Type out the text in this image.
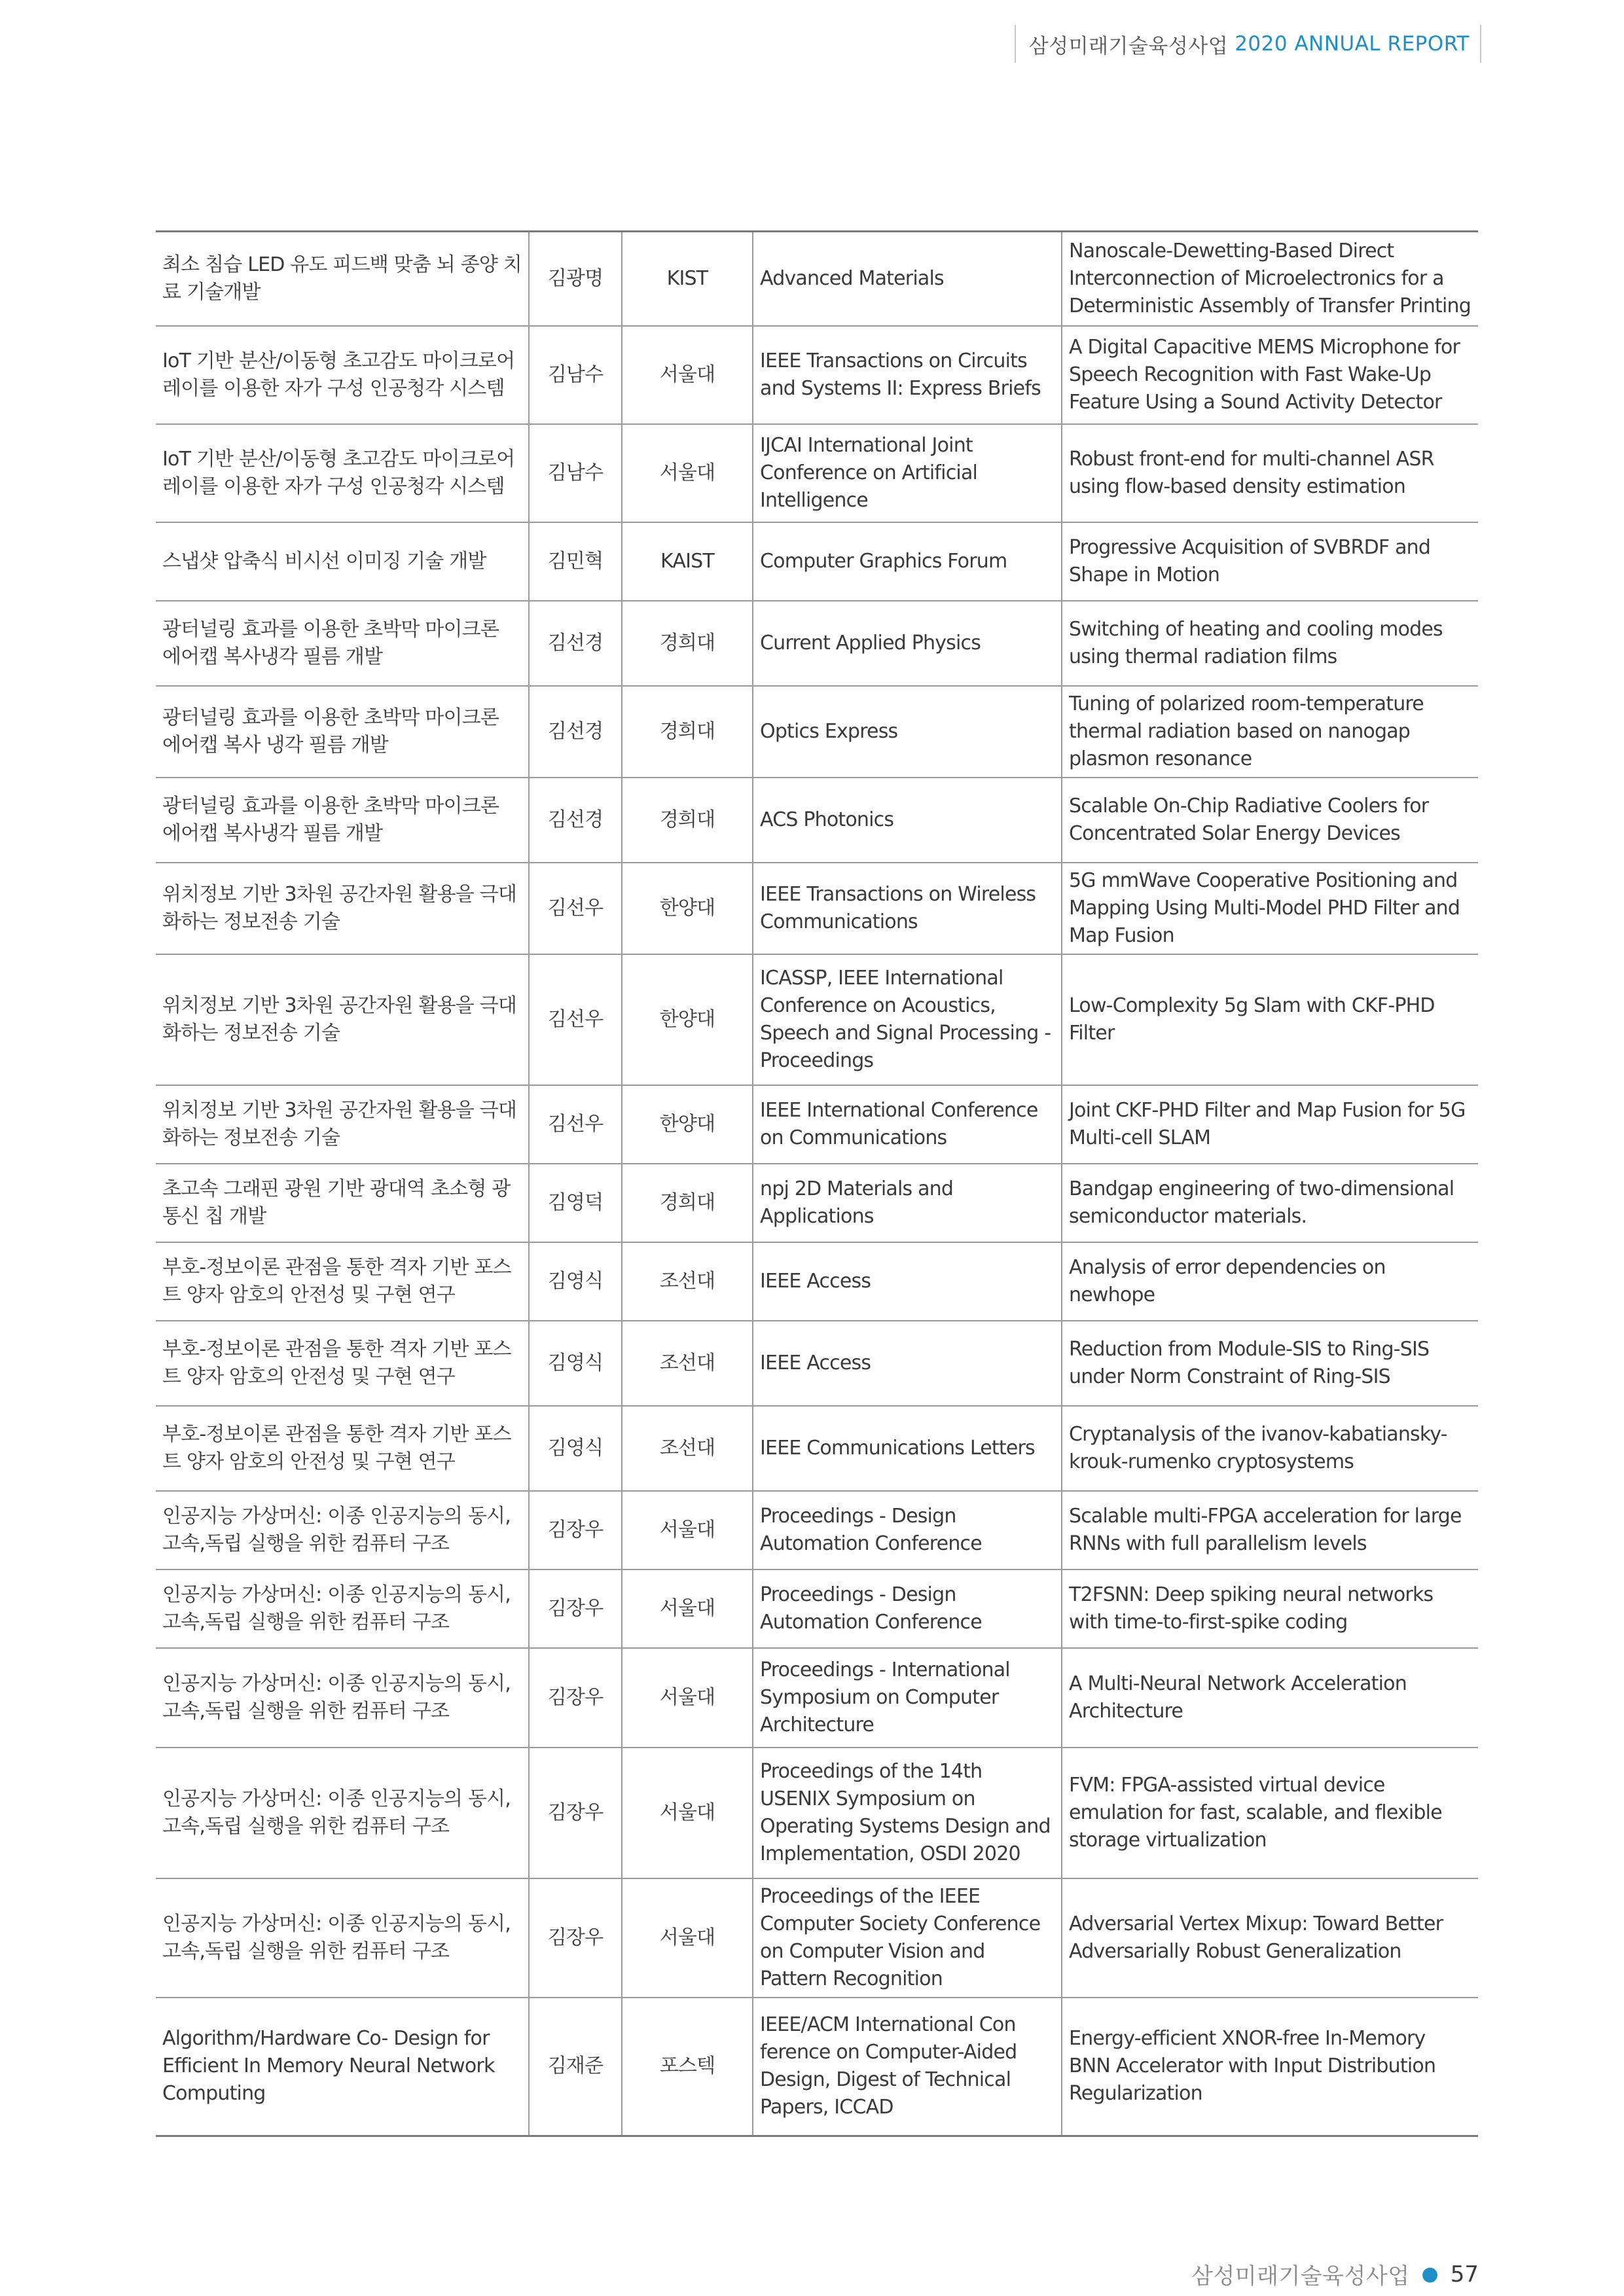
삼성미래기술육성사업 2020 ANNUAL REPORT
최소 침습 LED 유도 피드백 맞춤 뇌 종양 치료 기술개발	김광명	KIST	Advanced Materials	Nanoscale-Dewetting-Based Direct Interconnection of Microelectronics for a Deterministic Assembly of Transfer Printing
IoT 기반 분산/이동형 초고감도 마이크로어레이를 이용한 자가 구성 인공청각 시스템	김남수	서울대	IEEE Transactions on Circuits and Systems II: Express Briefs	A Digital Capacitive MEMS Microphone for Speech Recognition with Fast Wake-Up Feature Using a Sound Activity Detector
IoT 기반 분산/이동형 초고감도 마이크로어레이를 이용한 자가 구성 인공청각 시스템	김남수	서울대	IJCAI International Joint Conference on Artificial Intelligence	Robust front-end for multi-channel ASR using flow-based density estimation
스냅샷 압축식 비시선 이미징 기술 개발	김민혁	KAIST	Computer Graphics Forum	Progressive Acquisition of SVBRDF and Shape in Motion
광터널링 효과를 이용한 초박막 마이크론 에어캡 복사냉각 필름 개발	김선경	경희대	Current Applied Physics	Switching of heating and cooling modes using thermal radiation films
광터널링 효과를 이용한 초박막 마이크론 에어캡 복사 냉각 필름 개발	김선경	경희대	Optics Express	Tuning of polarized room-temperature thermal radiation based on nanogap plasmon resonance
광터널링 효과를 이용한 초박막 마이크론 에어캡 복사냉각 필름 개발	김선경	경희대	ACS Photonics	Scalable On-Chip Radiative Coolers for Concentrated Solar Energy Devices
위치정보 기반 3차원 공간자원 활용을 극대화하는 정보전송 기술	김선우	한양대	IEEE Transactions on Wireless Communications	5G mmWave Cooperative Positioning and Mapping Using Multi-Model PHD Filter and Map Fusion
위치정보 기반 3차원 공간자원 활용을 극대화하는 정보전송 기술	김선우	한양대	ICASSP, IEEE International Conference on Acoustics, Speech and Signal Processing - Proceedings	Low-Complexity 5g Slam with CKF-PHD Filter
위치정보 기반 3차원 공간자원 활용을 극대화하는 정보전송 기술	김선우	한양대	IEEE International Conference on Communications	Joint CKF-PHD Filter and Map Fusion for 5G Multi-cell SLAM
초고속 그래핀 광원 기반 광대역 초소형 광통신 칩 개발	김영덕	경희대	npj 2D Materials and Applications	Bandgap engineering of two-dimensional semiconductor materials.
부호-정보이론 관점을 통한 격자 기반 포스트 양자 암호의 안전성 및 구현 연구	김영식	조선대	IEEE Access	Analysis of error dependencies on newhope
부호-정보이론 관점을 통한 격자 기반 포스트 양자 암호의 안전성 및 구현 연구	김영식	조선대	IEEE Access	Reduction from Module-SIS to Ring-SIS under Norm Constraint of Ring-SIS
부호-정보이론 관점을 통한 격자 기반 포스트 양자 암호의 안전성 및 구현 연구	김영식	조선대	IEEE Communications Letters	Cryptanalysis of the ivanov-kabatiansky-krouk-rumenko cryptosystems
인공지능 가상머신: 이종 인공지능의 동시,고속,독립 실행을 위한 컴퓨터 구조	김장우	서울대	Proceedings - Design Automation Conference	Scalable multi-FPGA acceleration for large RNNs with full parallelism levels
인공지능 가상머신: 이종 인공지능의 동시,고속,독립 실행을 위한 컴퓨터 구조	김장우	서울대	Proceedings - Design Automation Conference	T2FSNN: Deep spiking neural networks with time-to-first-spike coding
인공지능 가상머신: 이종 인공지능의 동시,고속,독립 실행을 위한 컴퓨터 구조	김장우	서울대	Proceedings - International Symposium on Computer Architecture	A Multi-Neural Network Acceleration Architecture
인공지능 가상머신: 이종 인공지능의 동시,고속,독립 실행을 위한 컴퓨터 구조	김장우	서울대	Proceedings of the 14th USENIX Symposium on Operating Systems Design and Implementation, OSDI 2020	FVM: FPGA-assisted virtual device emulation for fast, scalable, and flexible storage virtualization
인공지능 가상머신: 이종 인공지능의 동시,고속,독립 실행을 위한 컴퓨터 구조	김장우	서울대	Proceedings of the IEEE Computer Society Conference on Computer Vision and Pattern Recognition	Adversarial Vertex Mixup: Toward Better Adversarially Robust Generalization
Algorithm/Hardware Co- Design for Efficient In Memory Neural Network Computing	김재준	포스텍	IEEE/ACM International Con ference on Computer-Aided Design, Digest of Technical Papers, ICCAD	Energy-efficient XNOR-free In-Memory BNN Accelerator with Input Distribution Regularization
삼성미래기술육성사업 ● 57
